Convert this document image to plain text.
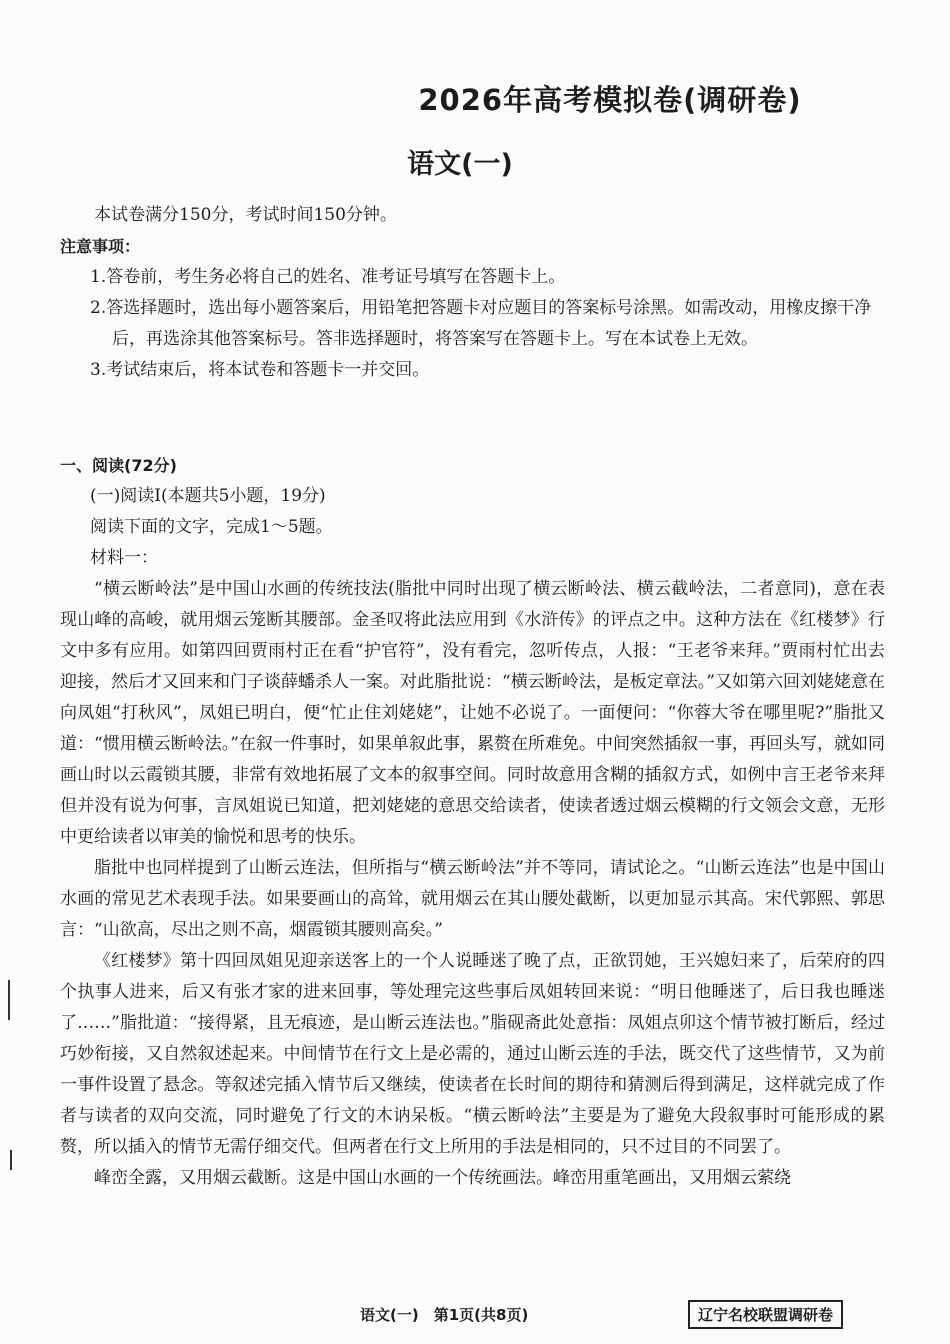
2026年高考模拟卷(调研卷)
语文(一)

本试卷满分150分，考试时间150分钟。

注意事项：

1.答卷前，考生务必将自己的姓名、准考证号填写在答题卡上。
2.答选择题时，选出每小题答案后，用铅笔把答题卡对应题目的答案标号涂黑。如需改动，用橡皮擦干净后，再选涂其他答案标号。答非选择题时，将答案写在答题卡上。写在本试卷上无效。
3.考试结束后，将本试卷和答题卡一并交回。

一、阅读(72分)

(一)阅读Ⅰ(本题共5小题，19分)

阅读下面的文字，完成1～5题。

材料一：

“横云断岭法”是中国山水画的传统技法(脂批中同时出现了横云断岭法、横云截岭法，二者意同)，意在表现山峰的高峻，就用烟云笼断其腰部。金圣叹将此法应用到《水浒传》的评点之中。这种方法在《红楼梦》行文中多有应用。如第四回贾雨村正在看“护官符”，没有看完，忽听传点，人报：“王老爷来拜。”贾雨村忙出去迎接，然后才又回来和门子谈薛蟠杀人一案。对此脂批说：“横云断岭法，是板定章法。”又如第六回刘姥姥意在向凤姐“打秋风”，凤姐已明白，便“忙止住刘姥姥”，让她不必说了。一面便问：“你蓉大爷在哪里呢?”脂批又道：“惯用横云断岭法。”在叙一件事时，如果单叙此事，累赘在所难免。中间突然插叙一事，再回头写，就如同画山时以云霞锁其腰，非常有效地拓展了文本的叙事空间。同时故意用含糊的插叙方式，如例中言王老爷来拜但并没有说为何事，言凤姐说已知道，把刘姥姥的意思交给读者，使读者透过烟云模糊的行文领会文意，无形中更给读者以审美的愉悦和思考的快乐。

脂批中也同样提到了山断云连法，但所指与“横云断岭法”并不等同，请试论之。“山断云连法”也是中国山水画的常见艺术表现手法。如果要画山的高耸，就用烟云在其山腰处截断，以更加显示其高。宋代郭熙、郭思言：“山欲高，尽出之则不高，烟霞锁其腰则高矣。”

《红楼梦》第十四回凤姐见迎亲送客上的一个人说睡迷了晚了点，正欲罚她，王兴媳妇来了，后荣府的四个执事人进来，后又有张才家的进来回事，等处理完这些事后凤姐转回来说：“明日他睡迷了，后日我也睡迷了……”脂批道：“接得紧，且无痕迹，是山断云连法也。”脂砚斋此处意指：凤姐点卯这个情节被打断后，经过巧妙衔接，又自然叙述起来。中间情节在行文上是必需的，通过山断云连的手法，既交代了这些情节，又为前一事件设置了悬念。等叙述完插入情节后又继续，使读者在长时间的期待和猜测后得到满足，这样就完成了作者与读者的双向交流，同时避免了行文的木讷呆板。“横云断岭法”主要是为了避免大段叙事时可能形成的累赘，所以插入的情节无需仔细交代。但两者在行文上所用的手法是相同的，只不过目的不同罢了。

峰峦全露，又用烟云截断。这是中国山水画的一个传统画法。峰峦用重笔画出，又用烟云萦绕

语文(一)　第1页(共8页)	辽宁名校联盟调研卷
